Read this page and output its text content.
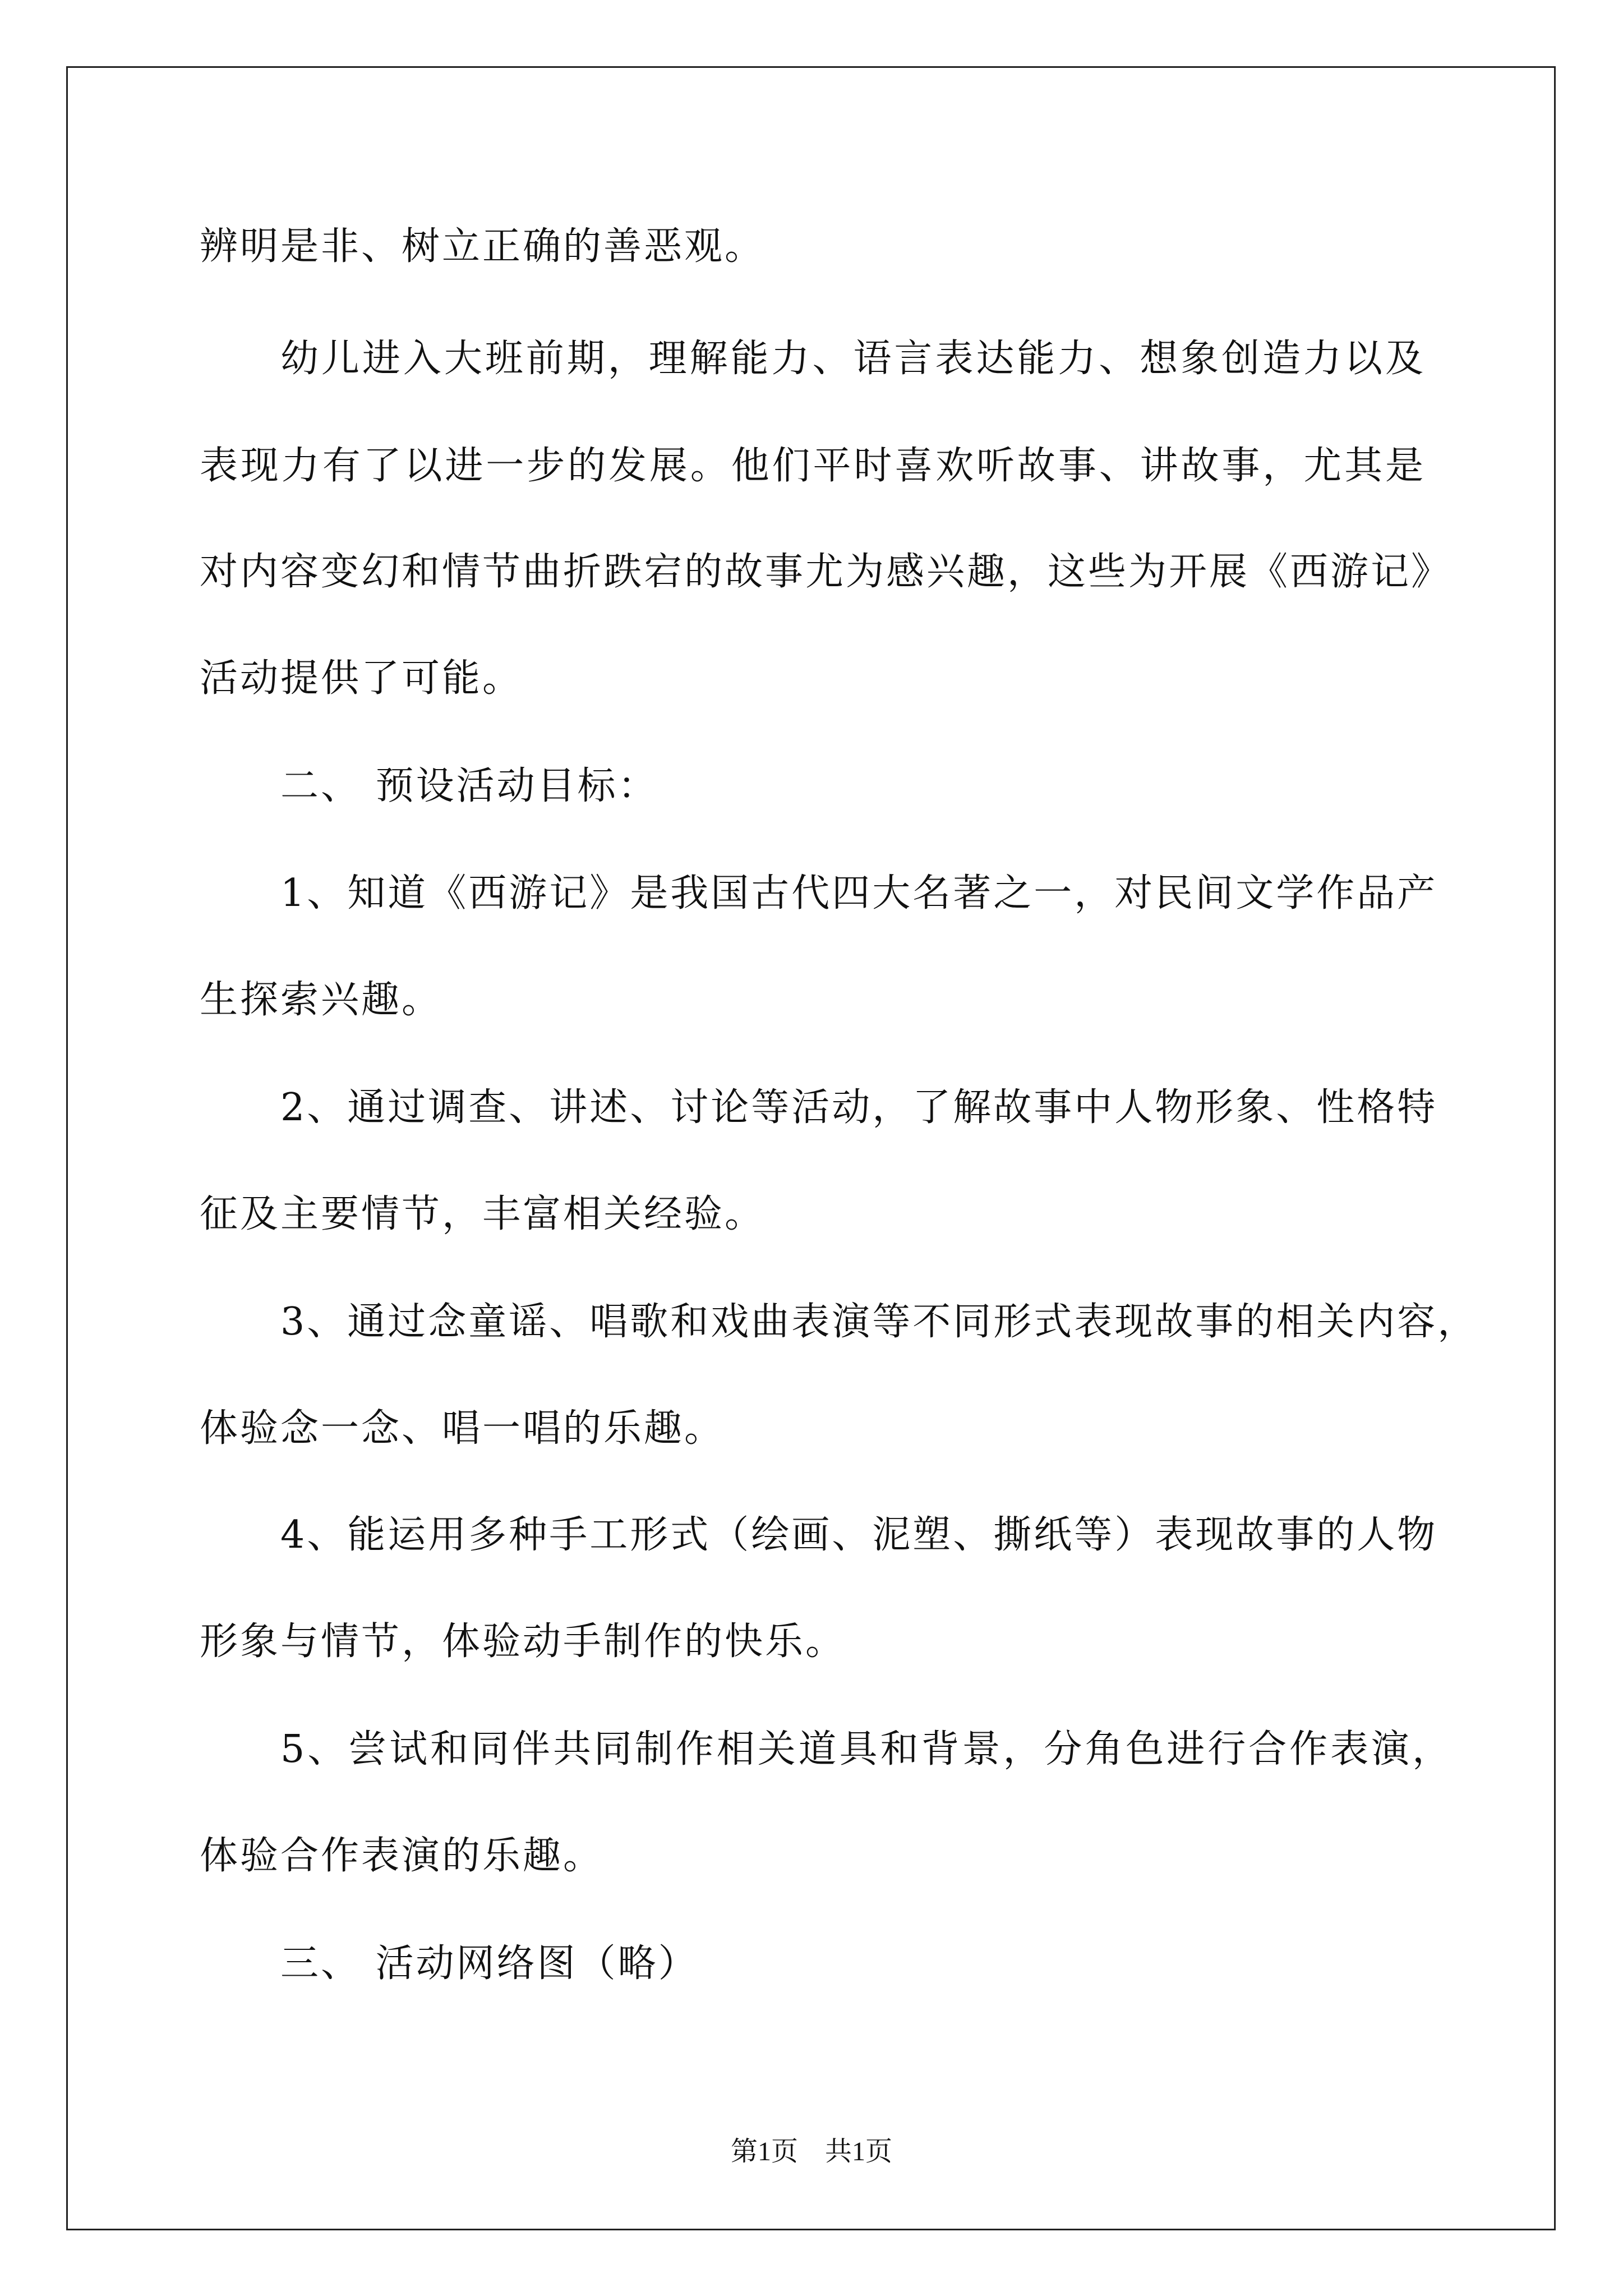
辨明是非、树立正确的善恶观。
幼儿进入大班前期，理解能力、语言表达能力、想象创造力以及
表现力有了以进一步的发展。他们平时喜欢听故事、讲故事，尤其是
对内容变幻和情节曲折跌宕的故事尤为感兴趣，这些为开展《西游记》
活动提供了可能。
二、 预设活动目标：
1、知道《西游记》是我国古代四大名著之一，对民间文学作品产
生探索兴趣。
2、通过调查、讲述、讨论等活动，了解故事中人物形象、性格特
征及主要情节，丰富相关经验。
3、通过念童谣、唱歌和戏曲表演等不同形式表现故事的相关内容，
体验念一念、唱一唱的乐趣。
4、能运用多种手工形式（绘画、泥塑、撕纸等）表现故事的人物
形象与情节，体验动手制作的快乐。
5、尝试和同伴共同制作相关道具和背景，分角色进行合作表演，
体验合作表演的乐趣。
三、 活动网络图（略）
第1页　共1页
